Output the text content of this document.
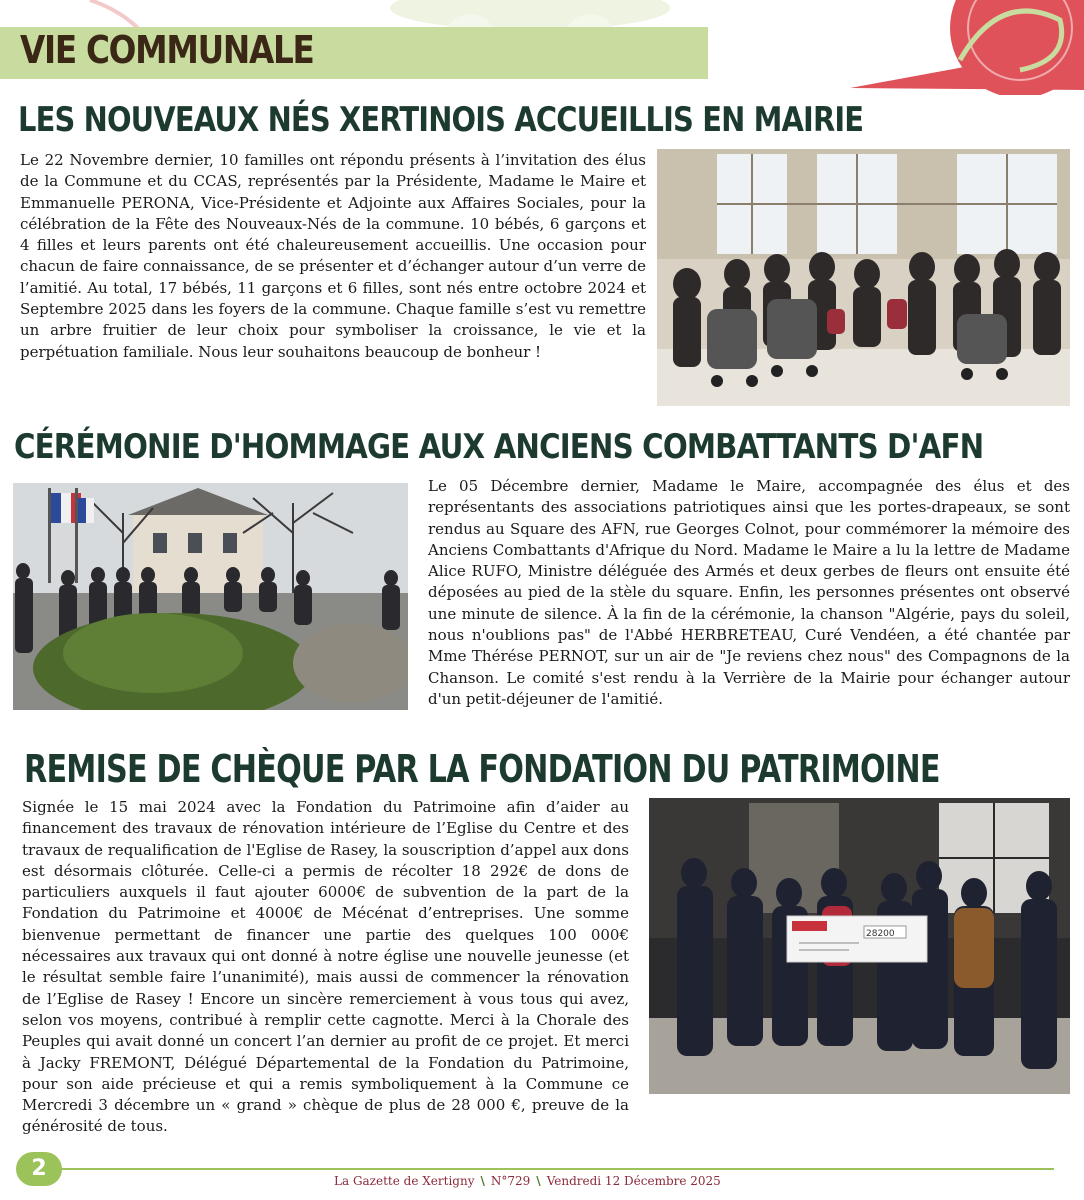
VIE COMMUNALE
LES NOUVEAUX NÉS XERTINOIS ACCUEILLIS EN MAIRIE

Le 22 Novembre dernier, 10 familles ont répondu présents à l’invitation des élus de la Commune et du CCAS, représentés par la Présidente, Madame le Maire et Emmanuelle PERONA, Vice-Présidente et Adjointe aux Affaires Sociales, pour la célébration de la Fête des Nouveaux-Nés de la commune. 10 bébés, 6 garçons et 4 filles et leurs parents ont été chaleureusement accueillis. Une occasion pour chacun de faire connaissance, de se présenter et d’échanger autour d’un verre de l’amitié. Au total, 17 bébés, 11 garçons et 6 filles, sont nés entre octobre 2024 et Septembre 2025 dans les foyers de la commune. Chaque famille s’est vu remettre un arbre fruitier de leur choix pour symboliser la croissance, le vie et la perpétuation familiale. Nous leur souhaitons beaucoup de bonheur !

CÉRÉMONIE D'HOMMAGE AUX ANCIENS COMBATTANTS D'AFN

Le 05 Décembre dernier, Madame le Maire, accompagnée des élus et des représentants des associations patriotiques ainsi que les portes-drapeaux, se sont rendus au Square des AFN, rue Georges Colnot, pour commémorer la mémoire des Anciens Combattants d'Afrique du Nord. Madame le Maire a lu la lettre de Madame Alice RUFO, Ministre déléguée des Armés et deux gerbes de fleurs ont ensuite été déposées au pied de la stèle du square. Enfin, les personnes présentes ont observé une minute de silence. À la fin de la cérémonie, la chanson "Algérie, pays du soleil, nous n'oublions pas" de l'Abbé HERBRETEAU, Curé Vendéen, a été chantée par Mme Thérése PERNOT, sur un air de "Je reviens chez nous" des Compagnons de la Chanson. Le comité s'est rendu à la Verrière de la Mairie pour échanger autour d'un petit-déjeuner de l'amitié.

REMISE DE CHÈQUE PAR LA FONDATION DU PATRIMOINE

Signée le 15 mai 2024 avec la Fondation du Patrimoine afin d’aider au financement des travaux de rénovation intérieure de l’Eglise du Centre et des travaux de requalification de l'Eglise de Rasey, la souscription d’appel aux dons est désormais clôturée. Celle-ci a permis de récolter 18 292€ de dons de particuliers auxquels il faut ajouter 6000€ de subvention de la part de la Fondation du Patrimoine et 4000€ de Mécénat d’entreprises. Une somme bienvenue permettant de financer une partie des quelques 100 000€ nécessaires aux travaux qui ont donné à notre église une nouvelle jeunesse (et le résultat semble faire l’unanimité), mais aussi de commencer la rénovation de l’Eglise de Rasey ! Encore un sincère remerciement à vous tous qui avez, selon vos moyens, contribué à remplir cette cagnotte. Merci à la Chorale des Peuples qui avait donné un concert l’an dernier au profit de ce projet. Et merci à Jacky FREMONT, Délégué Départemental de la Fondation du Patrimoine, pour son aide précieuse et qui a remis symboliquement à la Commune ce Mercredi 3 décembre un « grand » chèque de plus de 28 000 €, preuve de la générosité de tous.

28200
2	La Gazette de Xertigny \ N°729 \ Vendredi 12 Décembre 2025
